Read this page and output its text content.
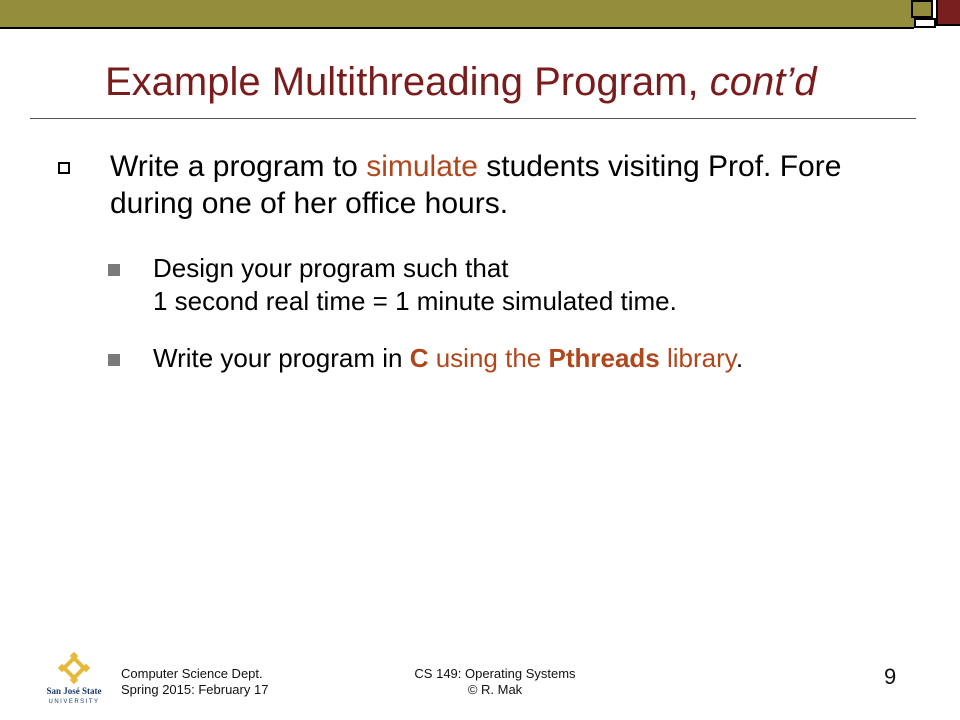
Example Multithreading Program, cont’d
Write a program to simulate students visiting Prof. Fore during one of her office hours.
Design your program such that
1 second real time = 1 minute simulated time.
Write your program in C using the Pthreads library.
San José State
UNIVERSITY
Computer Science Dept.
Spring 2015: February 17
CS 149: Operating Systems
© R. Mak
9
